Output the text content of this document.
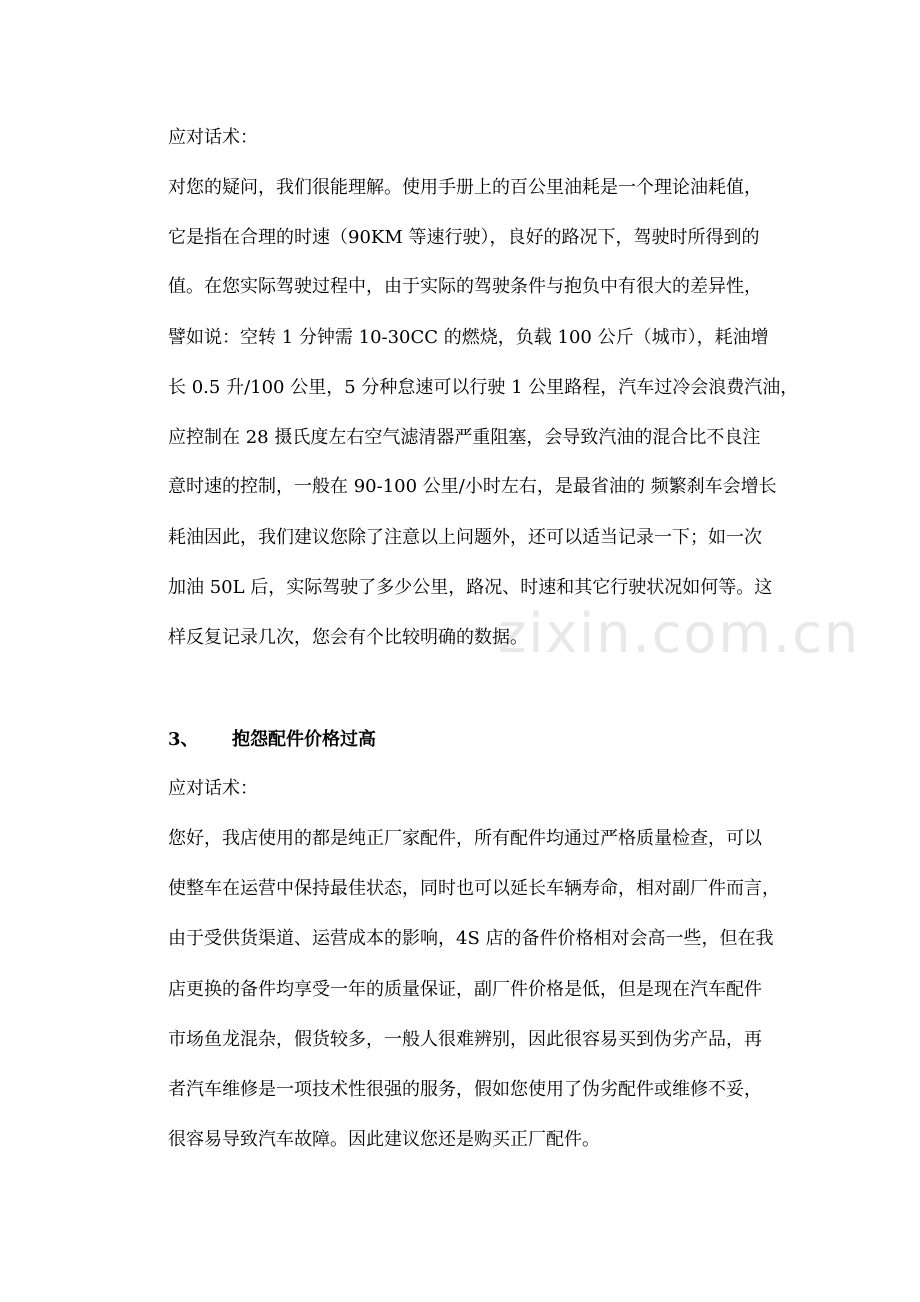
zixin.com.cn
应对话术：
对您的疑问，我们很能理解。使用手册上的百公里油耗是一个理论油耗值，
它是指在合理的时速（90KM 等速行驶），良好的路况下，驾驶时所得到的
值。在您实际驾驶过程中，由于实际的驾驶条件与抱负中有很大的差异性，
譬如说：空转 1 分钟需 10-30CC 的燃烧，负载 100 公斤（城市），耗油增
长 0.5 升/100 公里，5 分种怠速可以行驶 1 公里路程，汽车过冷会浪费汽油，
应控制在 28 摄氏度左右空气滤清器严重阻塞，会导致汽油的混合比不良注
意时速的控制，一般在 90-100 公里/小时左右，是最省油的 频繁刹车会增长
耗油因此，我们建议您除了注意以上问题外，还可以适当记录一下；如一次
加油 50L 后，实际驾驶了多少公里，路况、时速和其它行驶状况如何等。这
样反复记录几次，您会有个比较明确的数据。
3、 抱怨配件价格过高
应对话术：
您好，我店使用的都是纯正厂家配件，所有配件均通过严格质量检查，可以
使整车在运营中保持最佳状态，同时也可以延长车辆寿命，相对副厂件而言，
由于受供货渠道、运营成本的影响，4S 店的备件价格相对会高一些，但在我
店更换的备件均享受一年的质量保证，副厂件价格是低，但是现在汽车配件
市场鱼龙混杂，假货较多，一般人很难辨别，因此很容易买到伪劣产品，再
者汽车维修是一项技术性很强的服务，假如您使用了伪劣配件或维修不妥，
很容易导致汽车故障。因此建议您还是购买正厂配件。
